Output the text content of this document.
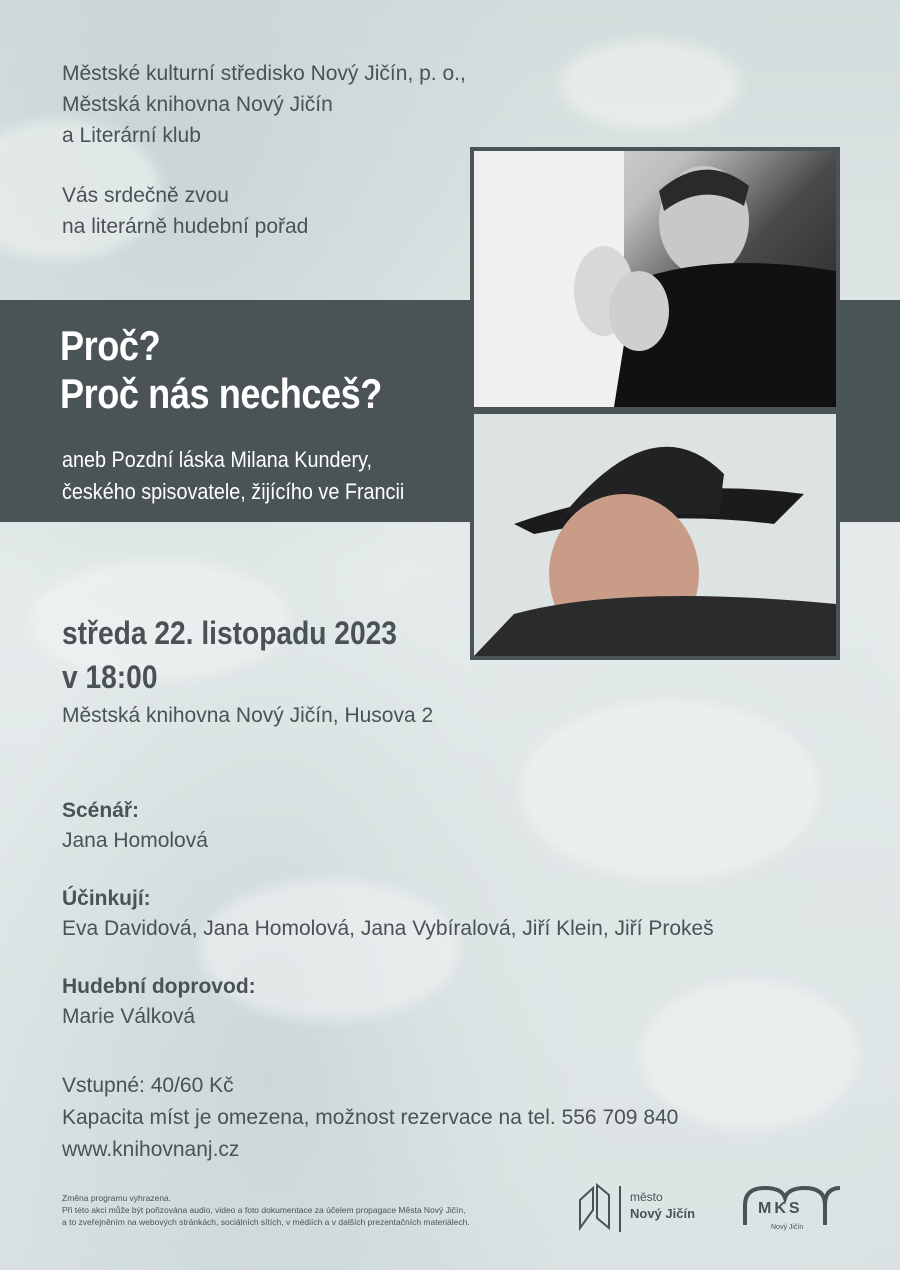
Městské kulturní středisko Nový Jičín, p. o.,
Městská knihovna Nový Jičín
a Literární klub
Vás srdečně zvou
na literárně hudební pořad
Proč?
Proč nás nechceš?
aneb Pozdní láska Milana Kundery,
českého spisovatele, žijícího ve Francii
středa 22. listopadu 2023
v 18:00
Městská knihovna Nový Jičín, Husova 2
Scénář:
Jana Homolová
Účinkují:
Eva Davidová, Jana Homolová, Jana Vybíralová, Jiří Klein, Jiří Prokeš
Hudební doprovod:
Marie Válková
Vstupné: 40/60 Kč
Kapacita míst je omezena, možnost rezervace na tel. 556 709 840
www.knihovnanj.cz
Změna programu vyhrazena.
Při této akci může být pořizována audio, video a foto dokumentace za účelem propagace Města Nový Jičín,
a to zveřejněním na webových stránkách, sociálních sítích, v médiích a v dalších prezentačních materiálech.
město
Nový Jičín	MKS
Nový Jičín
